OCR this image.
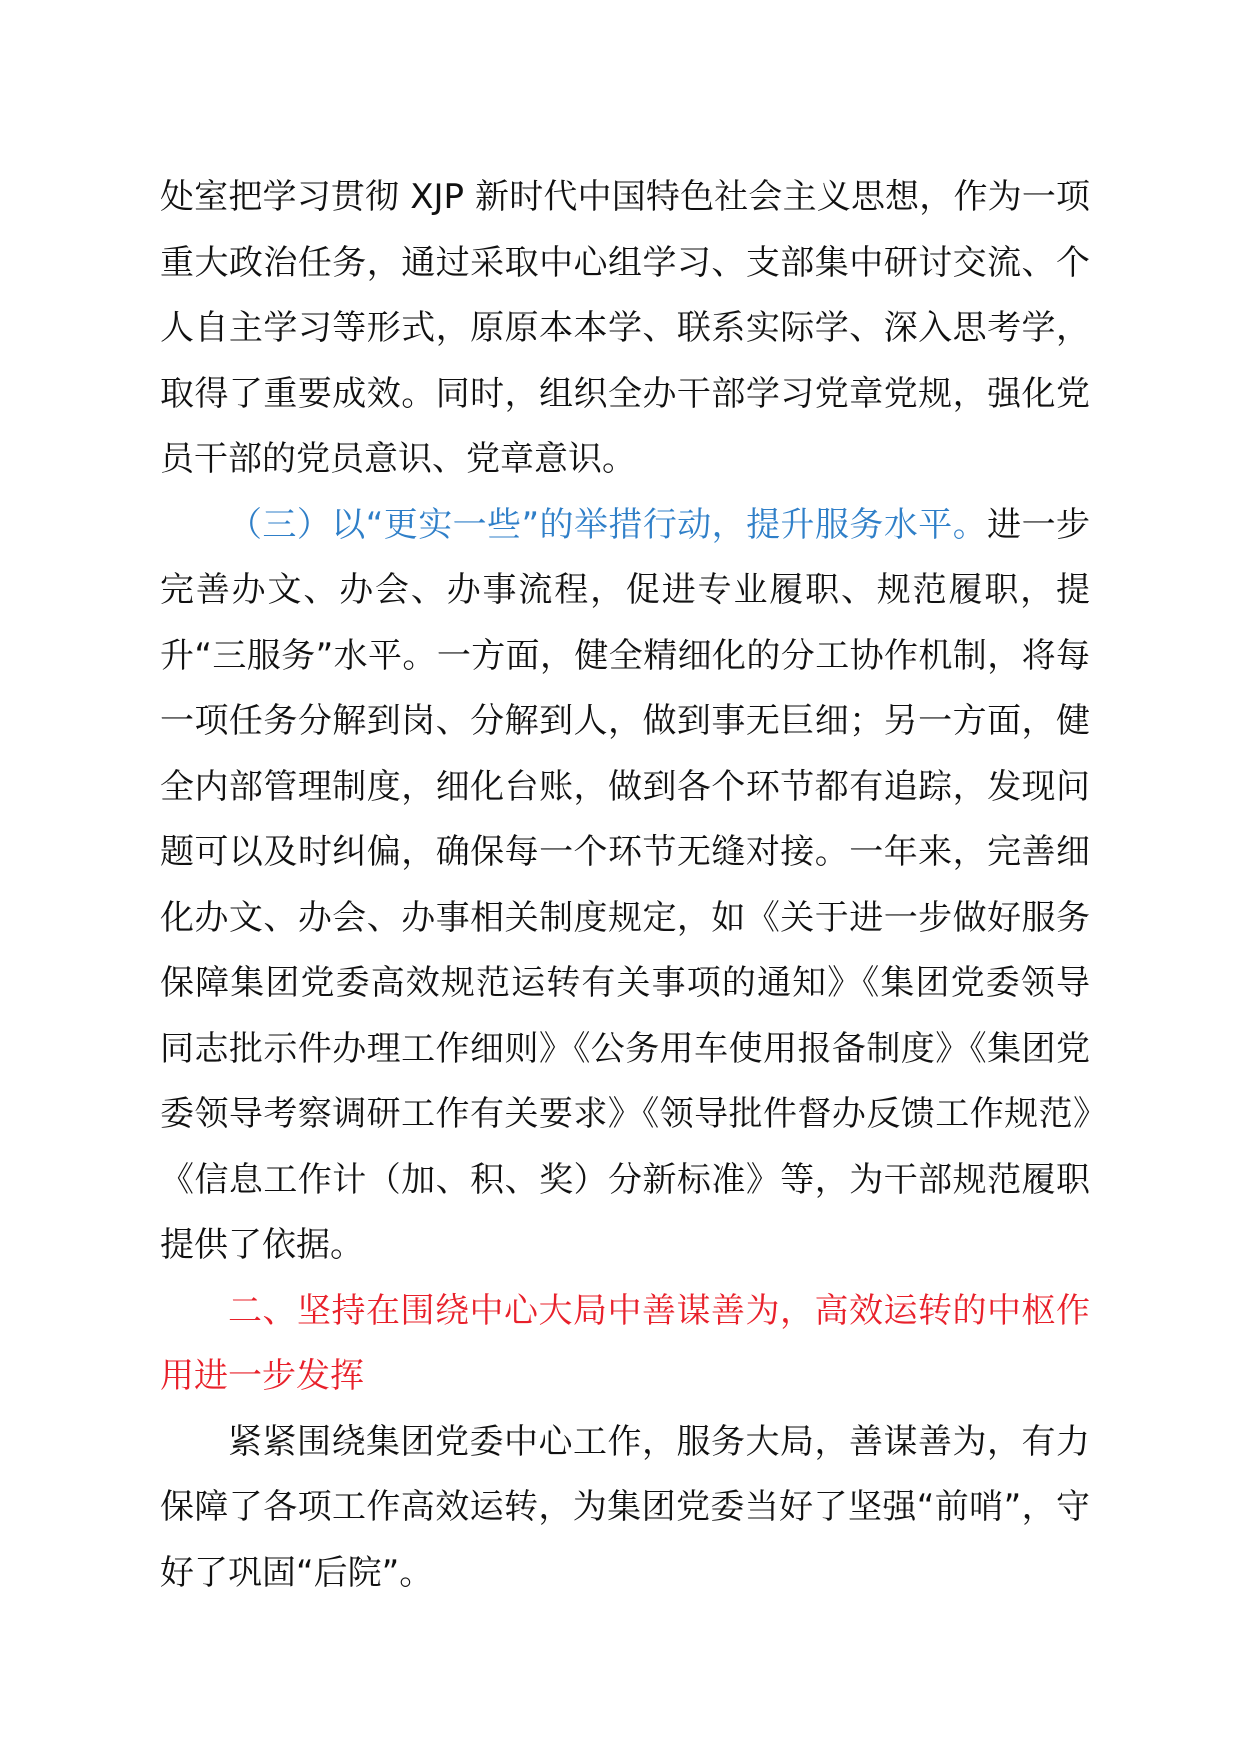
处室把学习贯彻 XJP 新时代中国特色社会主义思想，作为一项重大政治任务，通过采取中心组学习、支部集中研讨交流、个人自主学习等形式，原原本本学、联系实际学、深入思考学，取得了重要成效。同时，组织全办干部学习党章党规，强化党员干部的党员意识、党章意识。

（三）以“更实一些”的举措行动，提升服务水平。进一步完善办文、办会、办事流程，促进专业履职、规范履职，提升“三服务”水平。一方面，健全精细化的分工协作机制，将每一项任务分解到岗、分解到人，做到事无巨细；另一方面，健全内部管理制度，细化台账，做到各个环节都有追踪，发现问题可以及时纠偏，确保每一个环节无缝对接。一年来，完善细化办文、办会、办事相关制度规定，如《关于进一步做好服务保障集团党委高效规范运转有关事项的通知》《集团党委领导同志批示件办理工作细则》《公务用车使用报备制度》《集团党委领导考察调研工作有关要求》《领导批件督办反馈工作规范》《信息工作计（加、积、奖）分新标准》等，为干部规范履职提供了依据。

二、坚持在围绕中心大局中善谋善为，高效运转的中枢作用进一步发挥

紧紧围绕集团党委中心工作，服务大局，善谋善为，有力保障了各项工作高效运转，为集团党委当好了坚强“前哨”，守好了巩固“后院”。
